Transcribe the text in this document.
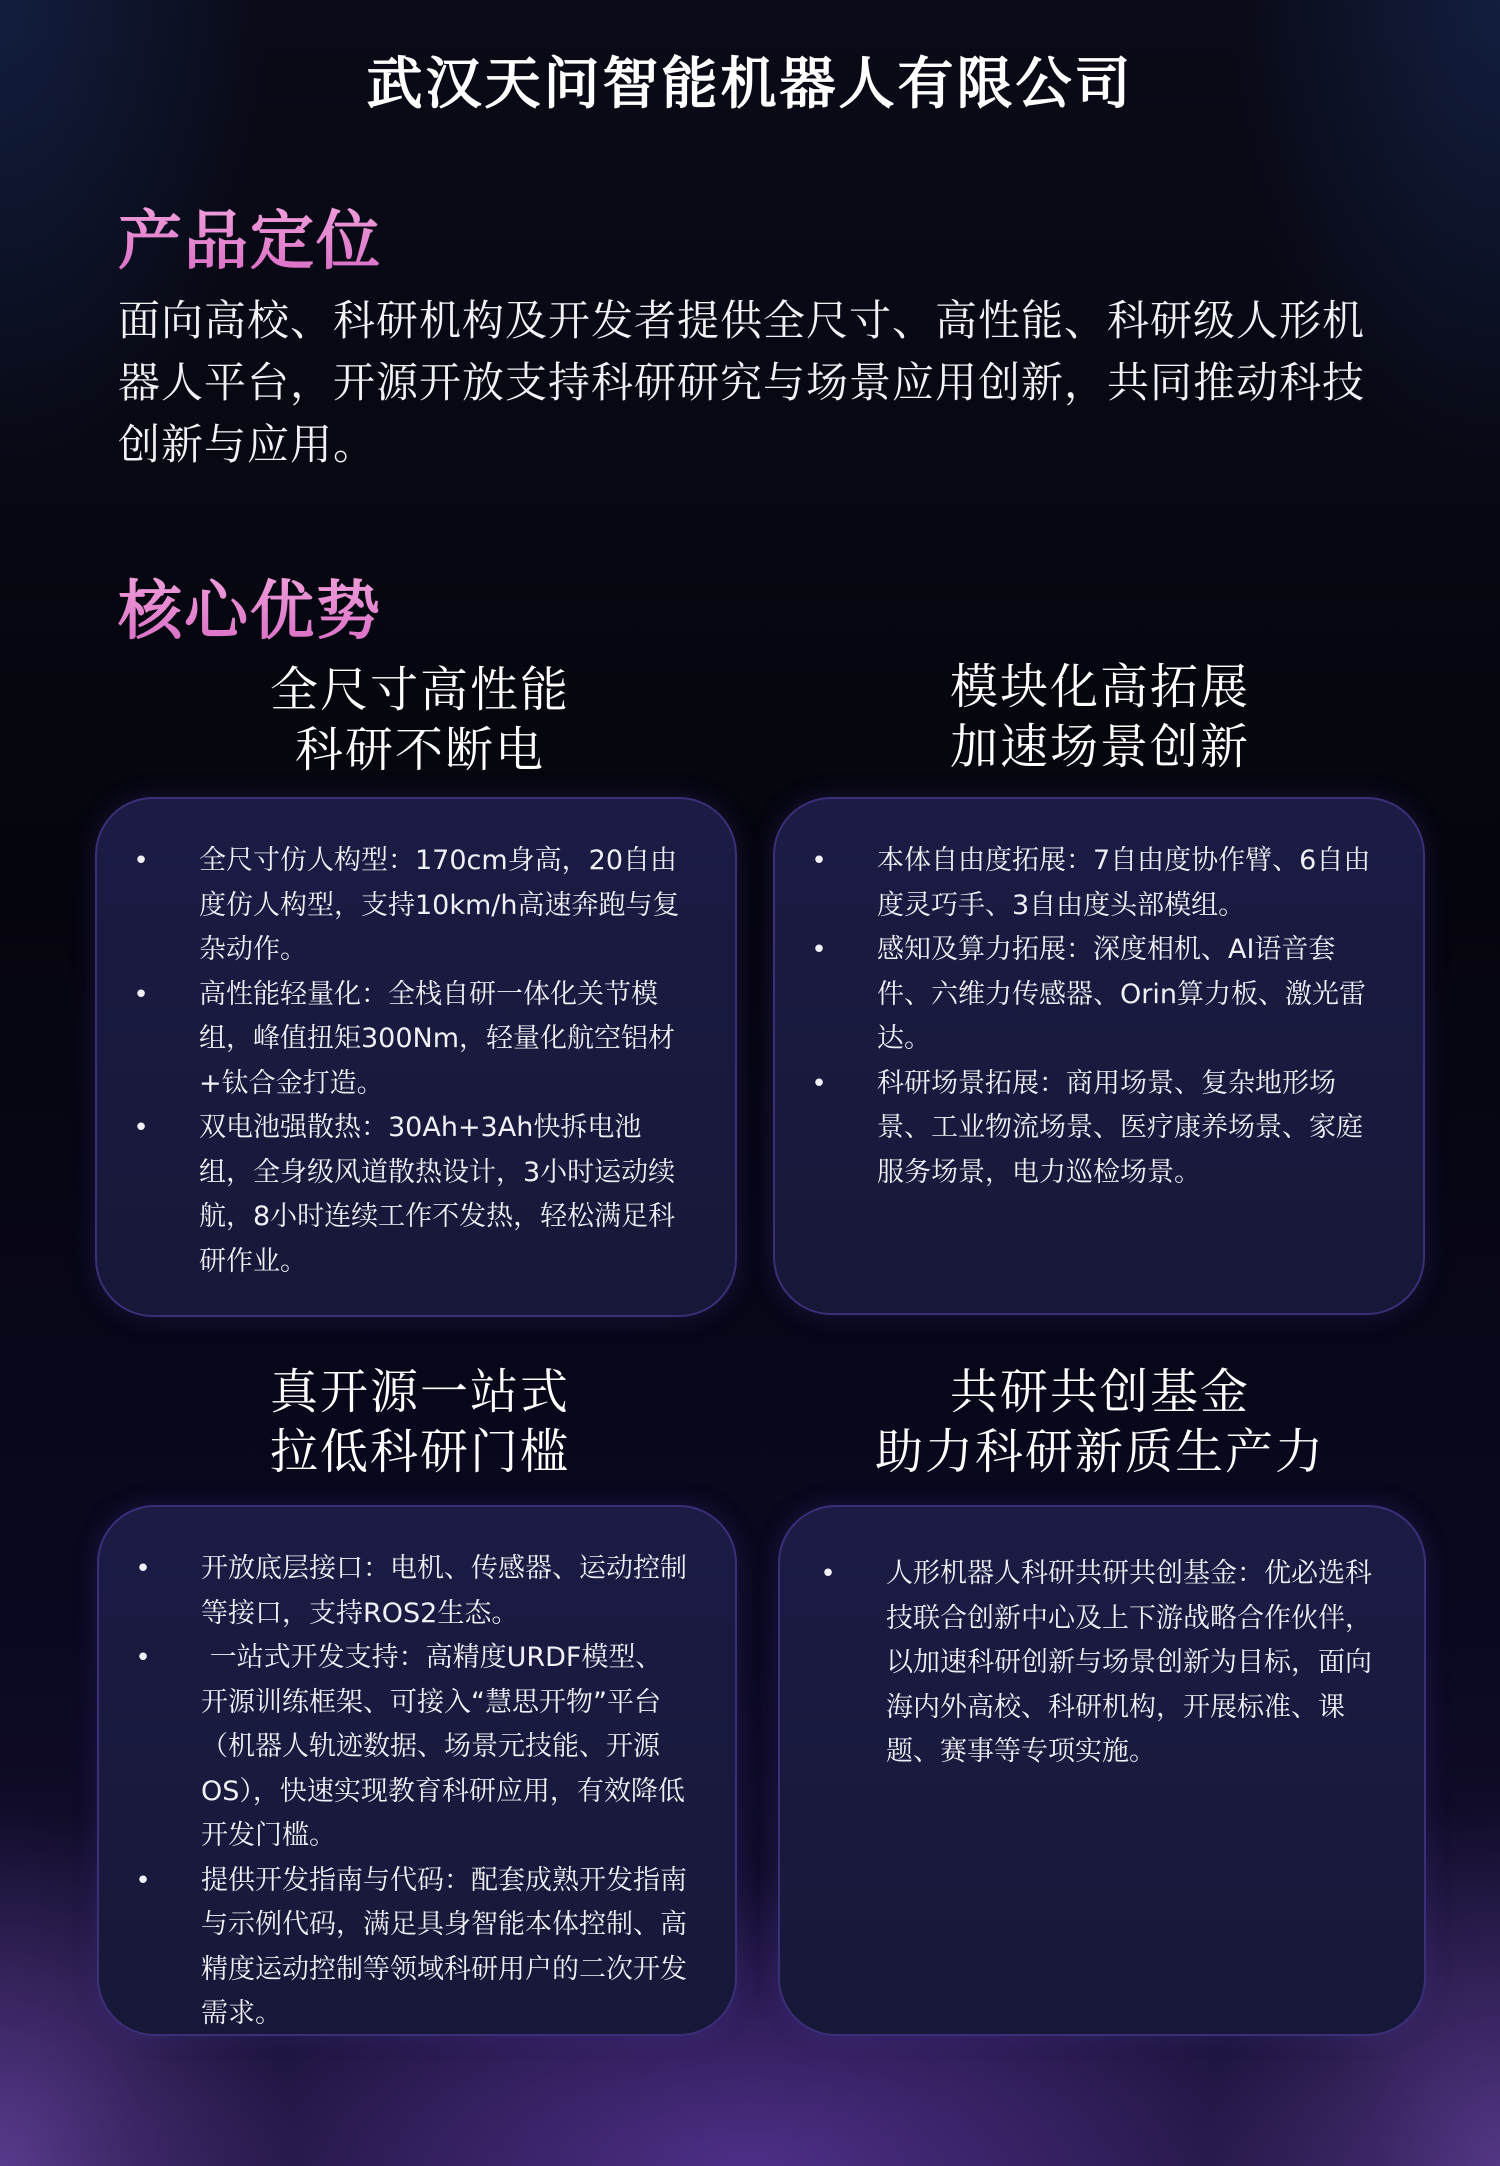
武汉天问智能机器人有限公司
产品定位
面向高校、科研机构及开发者提供全尺寸、高性能、科研级人形机器人平台，开源开放支持科研研究与场景应用创新，共同推动科技创新与应用。
核心优势
全尺寸高性能
科研不断电
• 全尺寸仿人构型：170cm身高，20自由度仿人构型，支持10km/h高速奔跑与复杂动作。
• 高性能轻量化：全栈自研一体化关节模组，峰值扭矩300Nm，轻量化航空铝材+钛合金打造。
• 双电池强散热：30Ah+3Ah快拆电池组，全身级风道散热设计，3小时运动续航，8小时连续工作不发热，轻松满足科研作业。
模块化高拓展
加速场景创新
• 本体自由度拓展：7自由度协作臂、6自由度灵巧手、3自由度头部模组。
• 感知及算力拓展：深度相机、AI语音套件、六维力传感器、Orin算力板、激光雷达。
• 科研场景拓展：商用场景、复杂地形场景、工业物流场景、医疗康养场景、家庭服务场景，电力巡检场景。
真开源一站式
拉低科研门槛
• 开放底层接口：电机、传感器、运动控制等接口，支持ROS2生态。
• 一站式开发支持：高精度URDF模型、开源训练框架、可接入“慧思开物”平台（机器人轨迹数据、场景元技能、开源OS），快速实现教育科研应用，有效降低开发门槛。
• 提供开发指南与代码：配套成熟开发指南与示例代码，满足具身智能本体控制、高精度运动控制等领域科研用户的二次开发需求。
共研共创基金
助力科研新质生产力
• 人形机器人科研共研共创基金：优必选科技联合创新中心及上下游战略合作伙伴，以加速科研创新与场景创新为目标，面向海内外高校、科研机构，开展标准、课题、赛事等专项实施。
